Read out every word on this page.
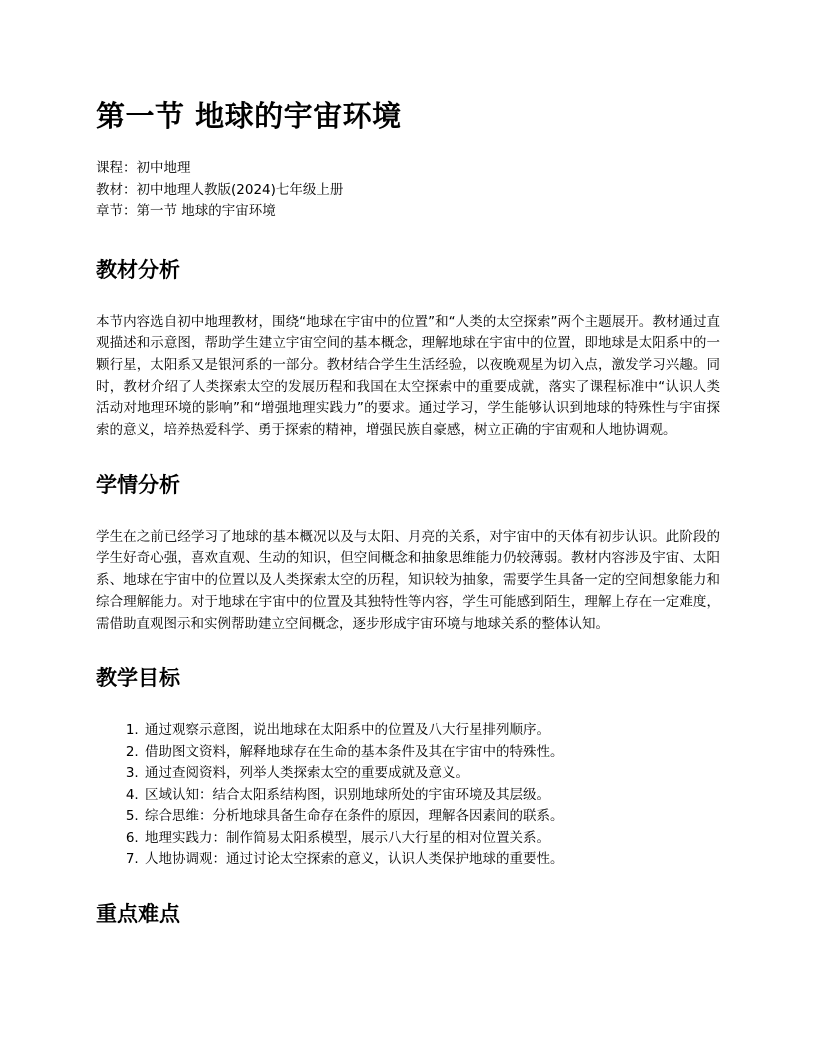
第一节 地球的宇宙环境

课程：初中地理

教材：初中地理人教版(2024)七年级上册

章节：第一节 地球的宇宙环境

教材分析

本节内容选自初中地理教材，围绕“地球在宇宙中的位置”和“人类的太空探索”两个主题展开。教材通过直观描述和示意图，帮助学生建立宇宙空间的基本概念，理解地球在宇宙中的位置，即地球是太阳系中的一颗行星，太阳系又是银河系的一部分。教材结合学生生活经验，以夜晚观星为切入点，激发学习兴趣。同时，教材介绍了人类探索太空的发展历程和我国在太空探索中的重要成就，落实了课程标准中“认识人类活动对地理环境的影响”和“增强地理实践力”的要求。通过学习，学生能够认识到地球的特殊性与宇宙探索的意义，培养热爱科学、勇于探索的精神，增强民族自豪感，树立正确的宇宙观和人地协调观。

学情分析

学生在之前已经学习了地球的基本概况以及与太阳、月亮的关系，对宇宙中的天体有初步认识。此阶段的学生好奇心强，喜欢直观、生动的知识，但空间概念和抽象思维能力仍较薄弱。教材内容涉及宇宙、太阳系、地球在宇宙中的位置以及人类探索太空的历程，知识较为抽象，需要学生具备一定的空间想象能力和综合理解能力。对于地球在宇宙中的位置及其独特性等内容，学生可能感到陌生，理解上存在一定难度，需借助直观图示和实例帮助建立空间概念，逐步形成宇宙环境与地球关系的整体认知。

教学目标
1. 通过观察示意图，说出地球在太阳系中的位置及八大行星排列顺序。
2. 借助图文资料，解释地球存在生命的基本条件及其在宇宙中的特殊性。
3. 通过查阅资料，列举人类探索太空的重要成就及意义。
4. 区域认知：结合太阳系结构图，识别地球所处的宇宙环境及其层级。
5. 综合思维：分析地球具备生命存在条件的原因，理解各因素间的联系。
6. 地理实践力：制作简易太阳系模型，展示八大行星的相对位置关系。
7. 人地协调观：通过讨论太空探索的意义，认识人类保护地球的重要性。
重点难点
